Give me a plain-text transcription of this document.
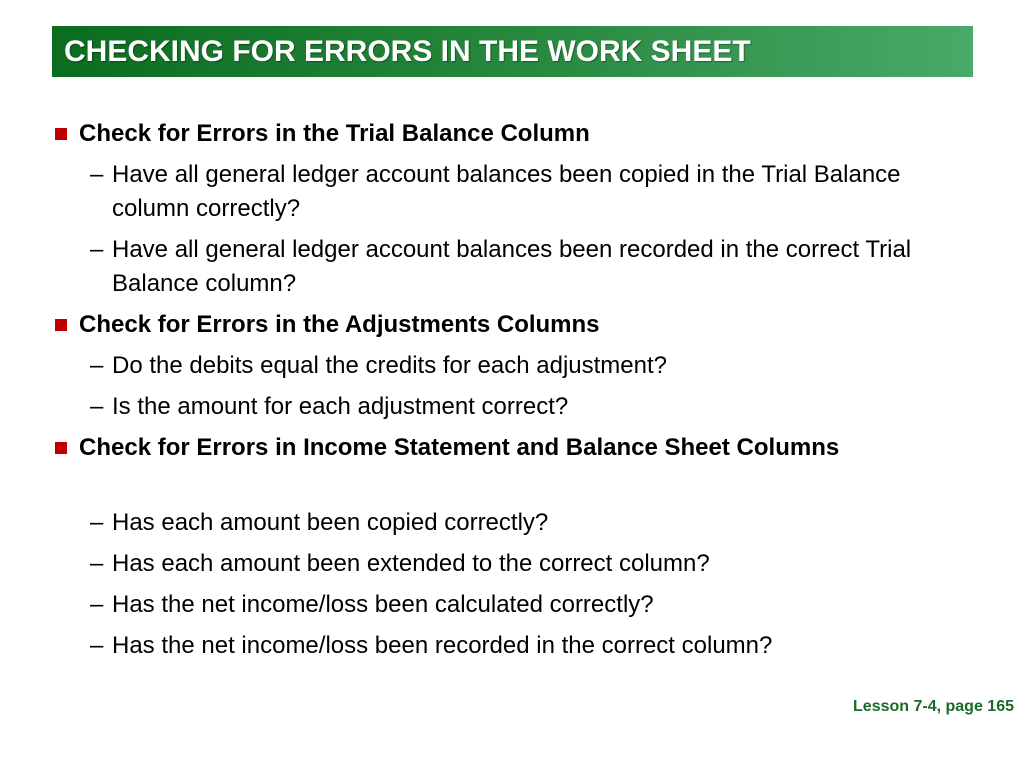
CHECKING FOR ERRORS IN THE WORK SHEET
Check for Errors in the Trial Balance Column
– Have all general ledger account balances been copied in the Trial Balance column correctly?
– Have all general ledger account balances been recorded in the correct Trial Balance column?
Check for Errors in the Adjustments Columns
– Do the debits equal the credits for each adjustment?
– Is the amount for each adjustment correct?
Check for Errors in Income Statement and Balance Sheet Columns
– Has each amount been copied correctly?
– Has each amount been extended to the correct column?
– Has the net income/loss been calculated correctly?
– Has the net income/loss been recorded in the correct column?
Lesson 7-4, page 165
